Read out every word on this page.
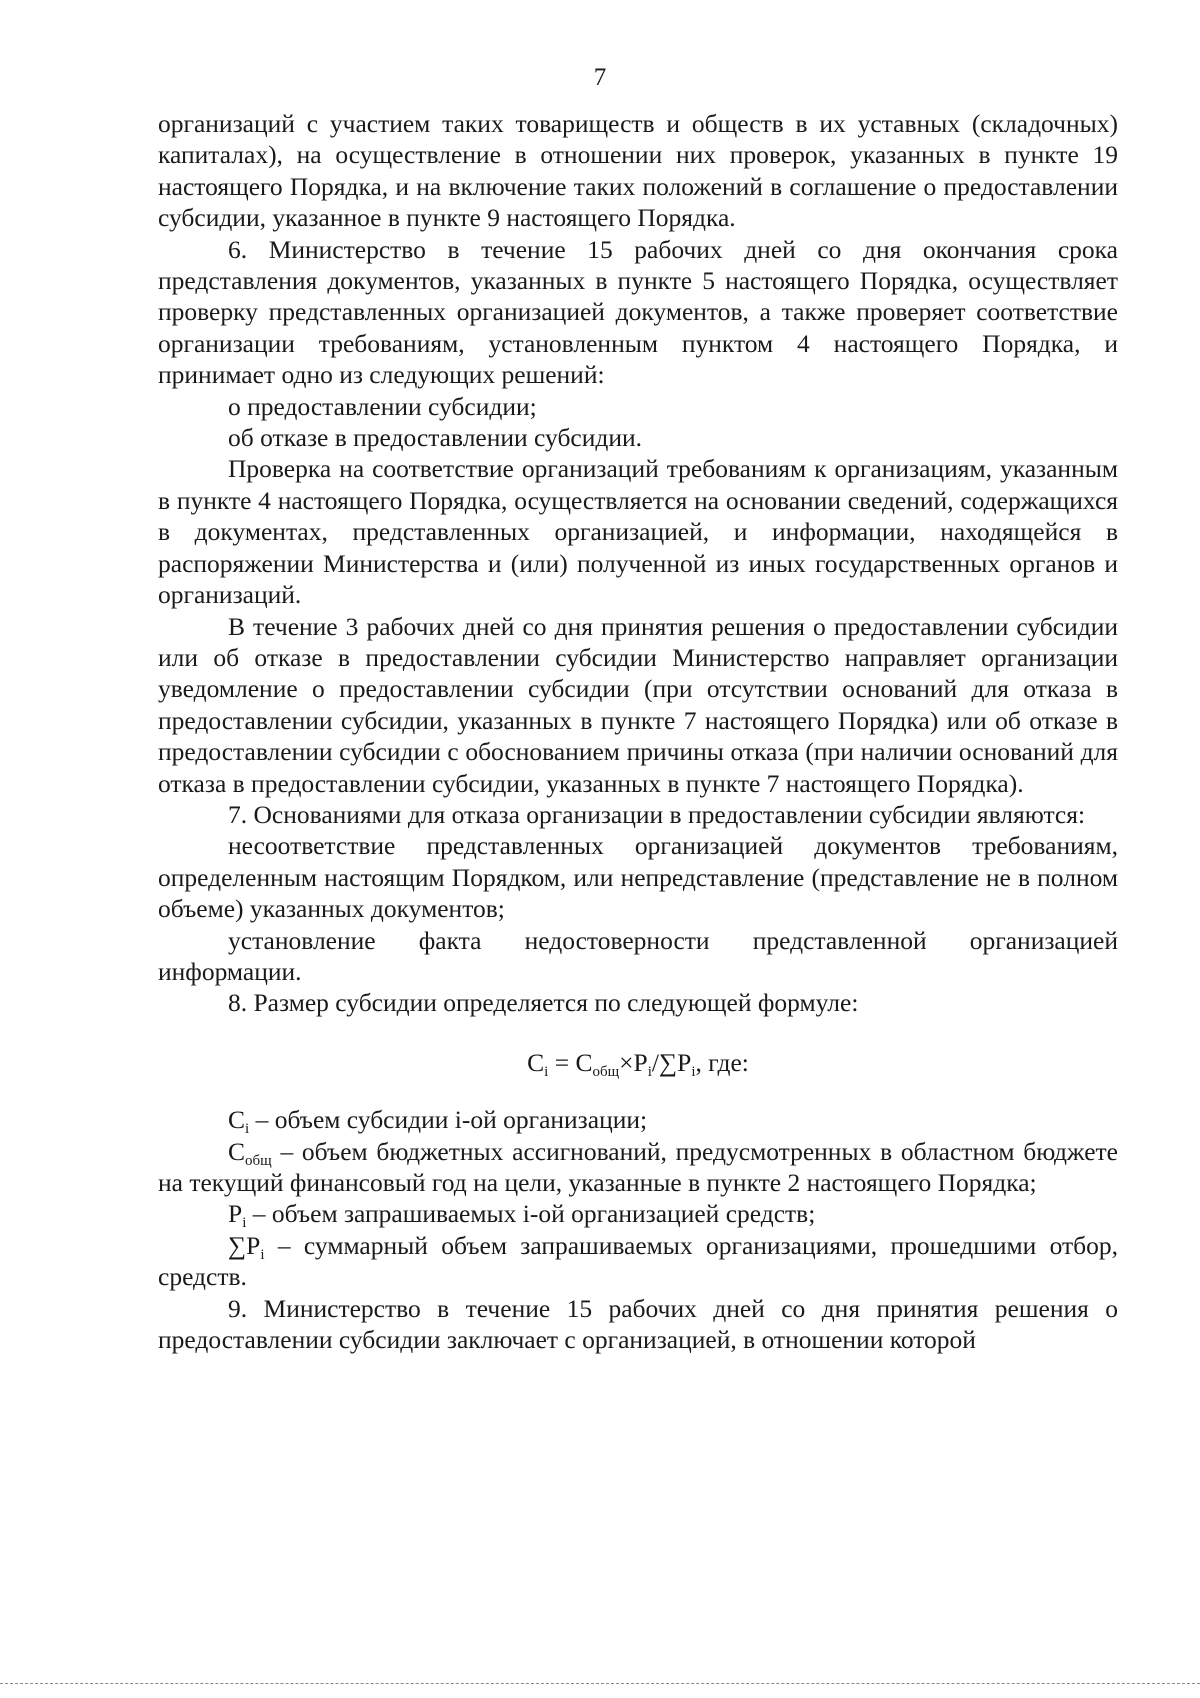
7

организаций с участием таких товариществ и обществ в их уставных (складочных) капиталах), на осуществление в отношении них проверок, указанных в пункте 19 настоящего Порядка, и на включение таких положений в соглашение о предоставлении субсидии, указанное в пункте 9 настоящего Порядка.

6. Министерство в течение 15 рабочих дней со дня окончания срока представления документов, указанных в пункте 5 настоящего Порядка, осуществляет проверку представленных организацией документов, а также проверяет соответствие организации требованиям, установленным пунктом 4 настоящего Порядка, и принимает одно из следующих решений:

о предоставлении субсидии;

об отказе в предоставлении субсидии.

Проверка на соответствие организаций требованиям к организациям, указанным в пункте 4 настоящего Порядка, осуществляется на основании сведений, содержащихся в документах, представленных организацией, и информации, находящейся в распоряжении Министерства и (или) полученной из иных государственных органов и организаций.

В течение 3 рабочих дней со дня принятия решения о предоставлении субсидии или об отказе в предоставлении субсидии Министерство направляет организации уведомление о предоставлении субсидии (при отсутствии оснований для отказа в предоставлении субсидии, указанных в пункте 7 настоящего Порядка) или об отказе в предоставлении субсидии с обоснованием причины отказа (при наличии оснований для отказа в предоставлении субсидии, указанных в пункте 7 настоящего Порядка).

7. Основаниями для отказа организации в предоставлении субсидии являются:

несоответствие представленных организацией документов требованиям, определенным настоящим Порядком, или непредставление (представление не в полном объеме) указанных документов;

установление факта недостоверности представленной организацией информации.

8. Размер субсидии определяется по следующей формуле:

$C_i = C_{общ}\times P_i/\sum P_i$, где:

$C_i$ – объем субсидии i-ой организации;

$C_{общ}$ – объем бюджетных ассигнований, предусмотренных в областном бюджете на текущий финансовый год на цели, указанные в пункте 2 настоящего Порядка;

$P_i$ – объем запрашиваемых i-ой организацией средств;

$\sum P_i$ – суммарный объем запрашиваемых организациями, прошедшими отбор, средств.

9. Министерство в течение 15 рабочих дней со дня принятия решения о предоставлении субсидии заключает с организацией, в отношении которой
